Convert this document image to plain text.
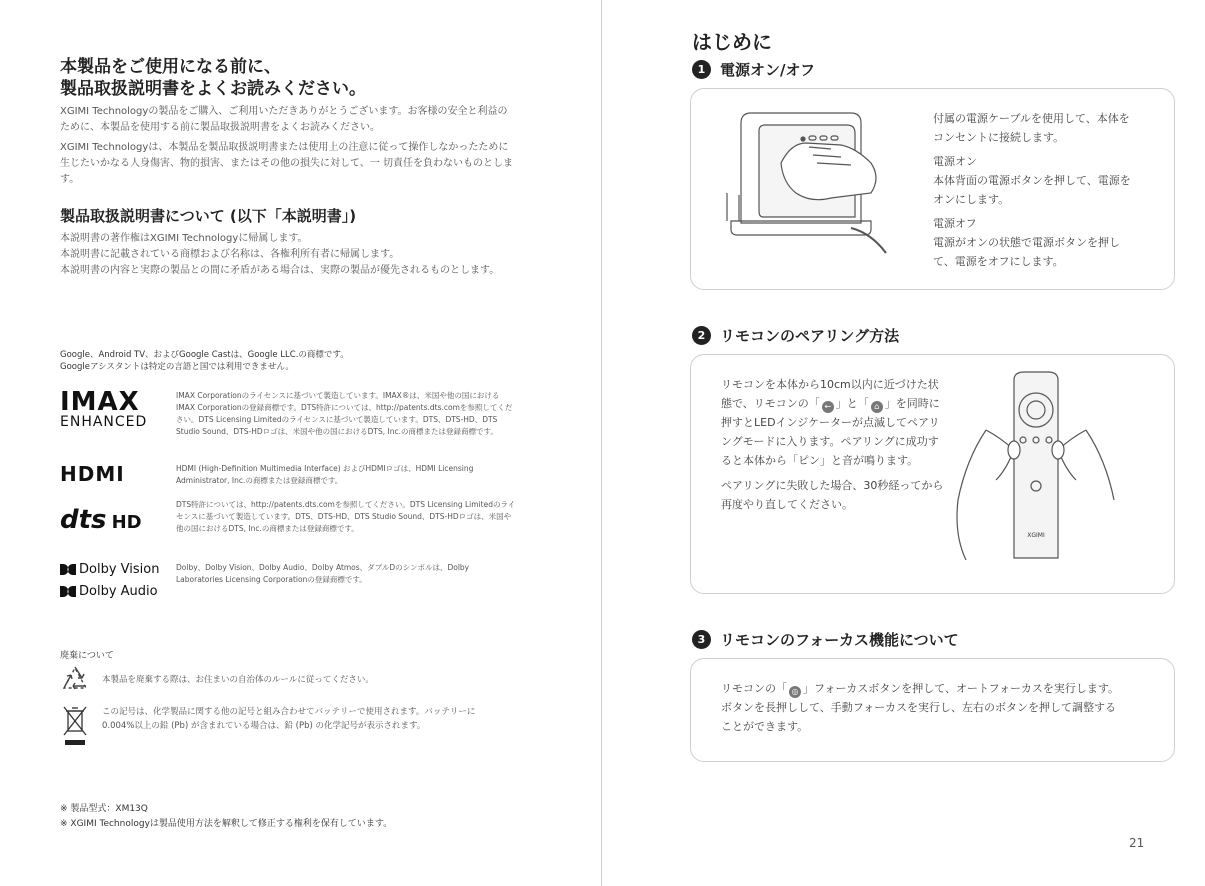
本製品をご使用になる前に、
製品取扱説明書をよくお読みください。
XGIMI Technologyの製品をご購入、ご利用いただきありがとうございます。お客様の安全と利益のために、本製品を使用する前に製品取扱説明書をよくお読みください。
XGIMI Technologyは、本製品を製品取扱説明書または使用上の注意に従って操作しなかったために生じたいかなる人身傷害、物的損害、またはその他の損失に対して、一 切責任を負わないものとします。
製品取扱説明書について (以下「本説明書」)
本説明書の著作権はXGIMI Technologyに帰属します。
本説明書に記載されている商標および名称は、各権利所有者に帰属します。
本説明書の内容と実際の製品との間に矛盾がある場合は、実際の製品が優先されるものとします。
Google、Android TV、およびGoogle Castは、Google LLC.の商標です。
Googleアシスタントは特定の言語と国では利用できません。
IMAX
ENHANCED
IMAX Corporationのライセンスに基づいて製造しています。IMAX®は、米国や他の国におけるIMAX Corporationの登録商標です。DTS特許については、http://patents.dts.comを参照してください。DTS Licensing Limitedのライセンスに基づいて製造しています。DTS、DTS-HD、DTS Studio Sound、DTS-HDロゴは、米国や他の国におけるDTS, Inc.の商標または登録商標です。
HDMI	HDMI (High-Definition Multimedia Interface) およびHDMIロゴは、HDMI Licensing Administrator, Inc.の商標または登録商標です。
dts HD
DTS特許については、http://patents.dts.comを参照してください。DTS Licensing Limitedのライセンスに基づいて製造しています。DTS、DTS-HD、DTS Studio Sound、DTS-HDロゴは、米国や他の国におけるDTS, Inc.の商標または登録商標です。
Dolby Vision
Dolby Audio
Dolby、Dolby Vision、Dolby Audio、Dolby Atmos、ダブルDのシンボルは、Dolby Laboratories Licensing Corporationの登録商標です。
廃棄について
本製品を廃棄する際は、お住まいの自治体のルールに従ってください。
この記号は、化学製品に関する他の記号と組み合わせてバッテリーで使用されます。バッテリーに0.004%以上の鉛 (Pb) が含まれている場合は、鉛 (Pb) の化学記号が表示されます。
※ 製品型式：XM13Q
※ XGIMI Technologyは製品使用方法を解釈して修正する権利を保有しています。
はじめに
1 電源オン/オフ
付属の電源ケーブルを使用して、本体をコンセントに接続します。
電源オン
本体背面の電源ボタンを押して、電源をオンにします。
電源オフ
電源がオンの状態で電源ボタンを押して、電源をオフにします。
2 リモコンのペアリング方法
リモコンを本体から10cm以内に近づけた状態で、リモコンの「 ← 」と「 ⌂ 」を同時に押すとLEDインジケーターが点滅してペアリングモードに入ります。ペアリングに成功すると本体から「ピン」と音が鳴ります。
ペアリングに失敗した場合、30秒経ってから再度やり直してください。
XGIMI
3 リモコンのフォーカス機能について
リモコンの「 ◎ 」フォーカスボタンを押して、オートフォーカスを実行します。ボタンを長押しして、手動フォーカスを実行し、左右のボタンを押して調整することができます。
21
